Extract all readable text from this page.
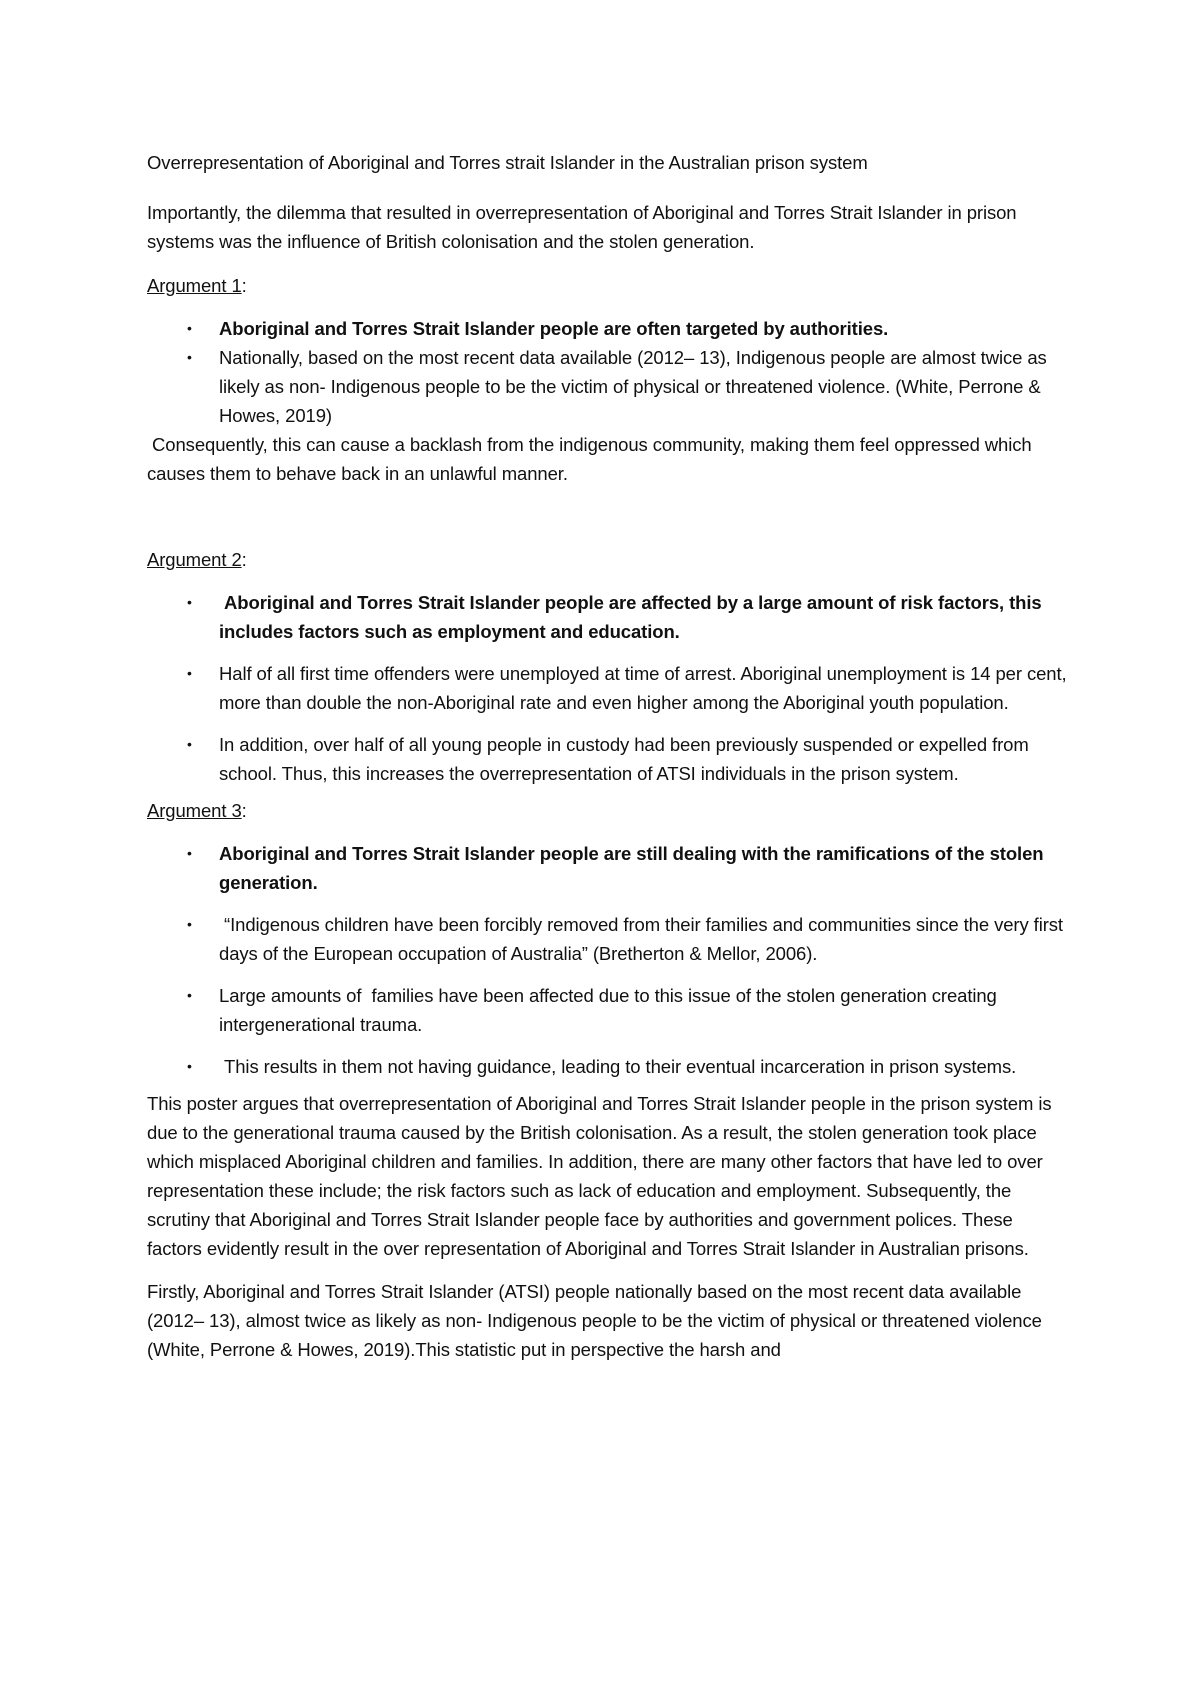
Overrepresentation of Aboriginal and Torres strait Islander in the Australian prison system

Importantly, the dilemma that resulted in overrepresentation of Aboriginal and Torres Strait Islander in prison systems was the influence of British colonisation and the stolen generation.

Argument 1:

• Aboriginal and Torres Strait Islander people are often targeted by authorities.
• Nationally, based on the most recent data available (2012– 13), Indigenous people are almost twice as likely as non- Indigenous people to be the victim of physical or threatened violence. (White, Perrone & Howes, 2019)

Consequently, this can cause a backlash from the indigenous community, making them feel oppressed which causes them to behave back in an unlawful manner.

Argument 2:

• Aboriginal and Torres Strait Islander people are affected by a large amount of risk factors, this includes factors such as employment and education.
• Half of all first time offenders were unemployed at time of arrest. Aboriginal unemployment is 14 per cent, more than double the non-Aboriginal rate and even higher among the Aboriginal youth population.
• In addition, over half of all young people in custody had been previously suspended or expelled from school. Thus, this increases the overrepresentation of ATSI individuals in the prison system.

Argument 3:

• Aboriginal and Torres Strait Islander people are still dealing with the ramifications of the stolen generation.
• “Indigenous children have been forcibly removed from their families and communities since the very first days of the European occupation of Australia” (Bretherton & Mellor, 2006).
• Large amounts of  families have been affected due to this issue of the stolen generation creating intergenerational trauma.
• This results in them not having guidance, leading to their eventual incarceration in prison systems.

This poster argues that overrepresentation of Aboriginal and Torres Strait Islander people in the prison system is due to the generational trauma caused by the British colonisation. As a result, the stolen generation took place which misplaced Aboriginal children and families. In addition, there are many other factors that have led to over representation these include; the risk factors such as lack of education and employment. Subsequently, the scrutiny that Aboriginal and Torres Strait Islander people face by authorities and government polices. These factors evidently result in the over representation of Aboriginal and Torres Strait Islander in Australian prisons.

Firstly, Aboriginal and Torres Strait Islander (ATSI) people nationally based on the most recent data available (2012– 13), almost twice as likely as non- Indigenous people to be the victim of physical or threatened violence (White, Perrone & Howes, 2019).This statistic put in perspective the harsh and
